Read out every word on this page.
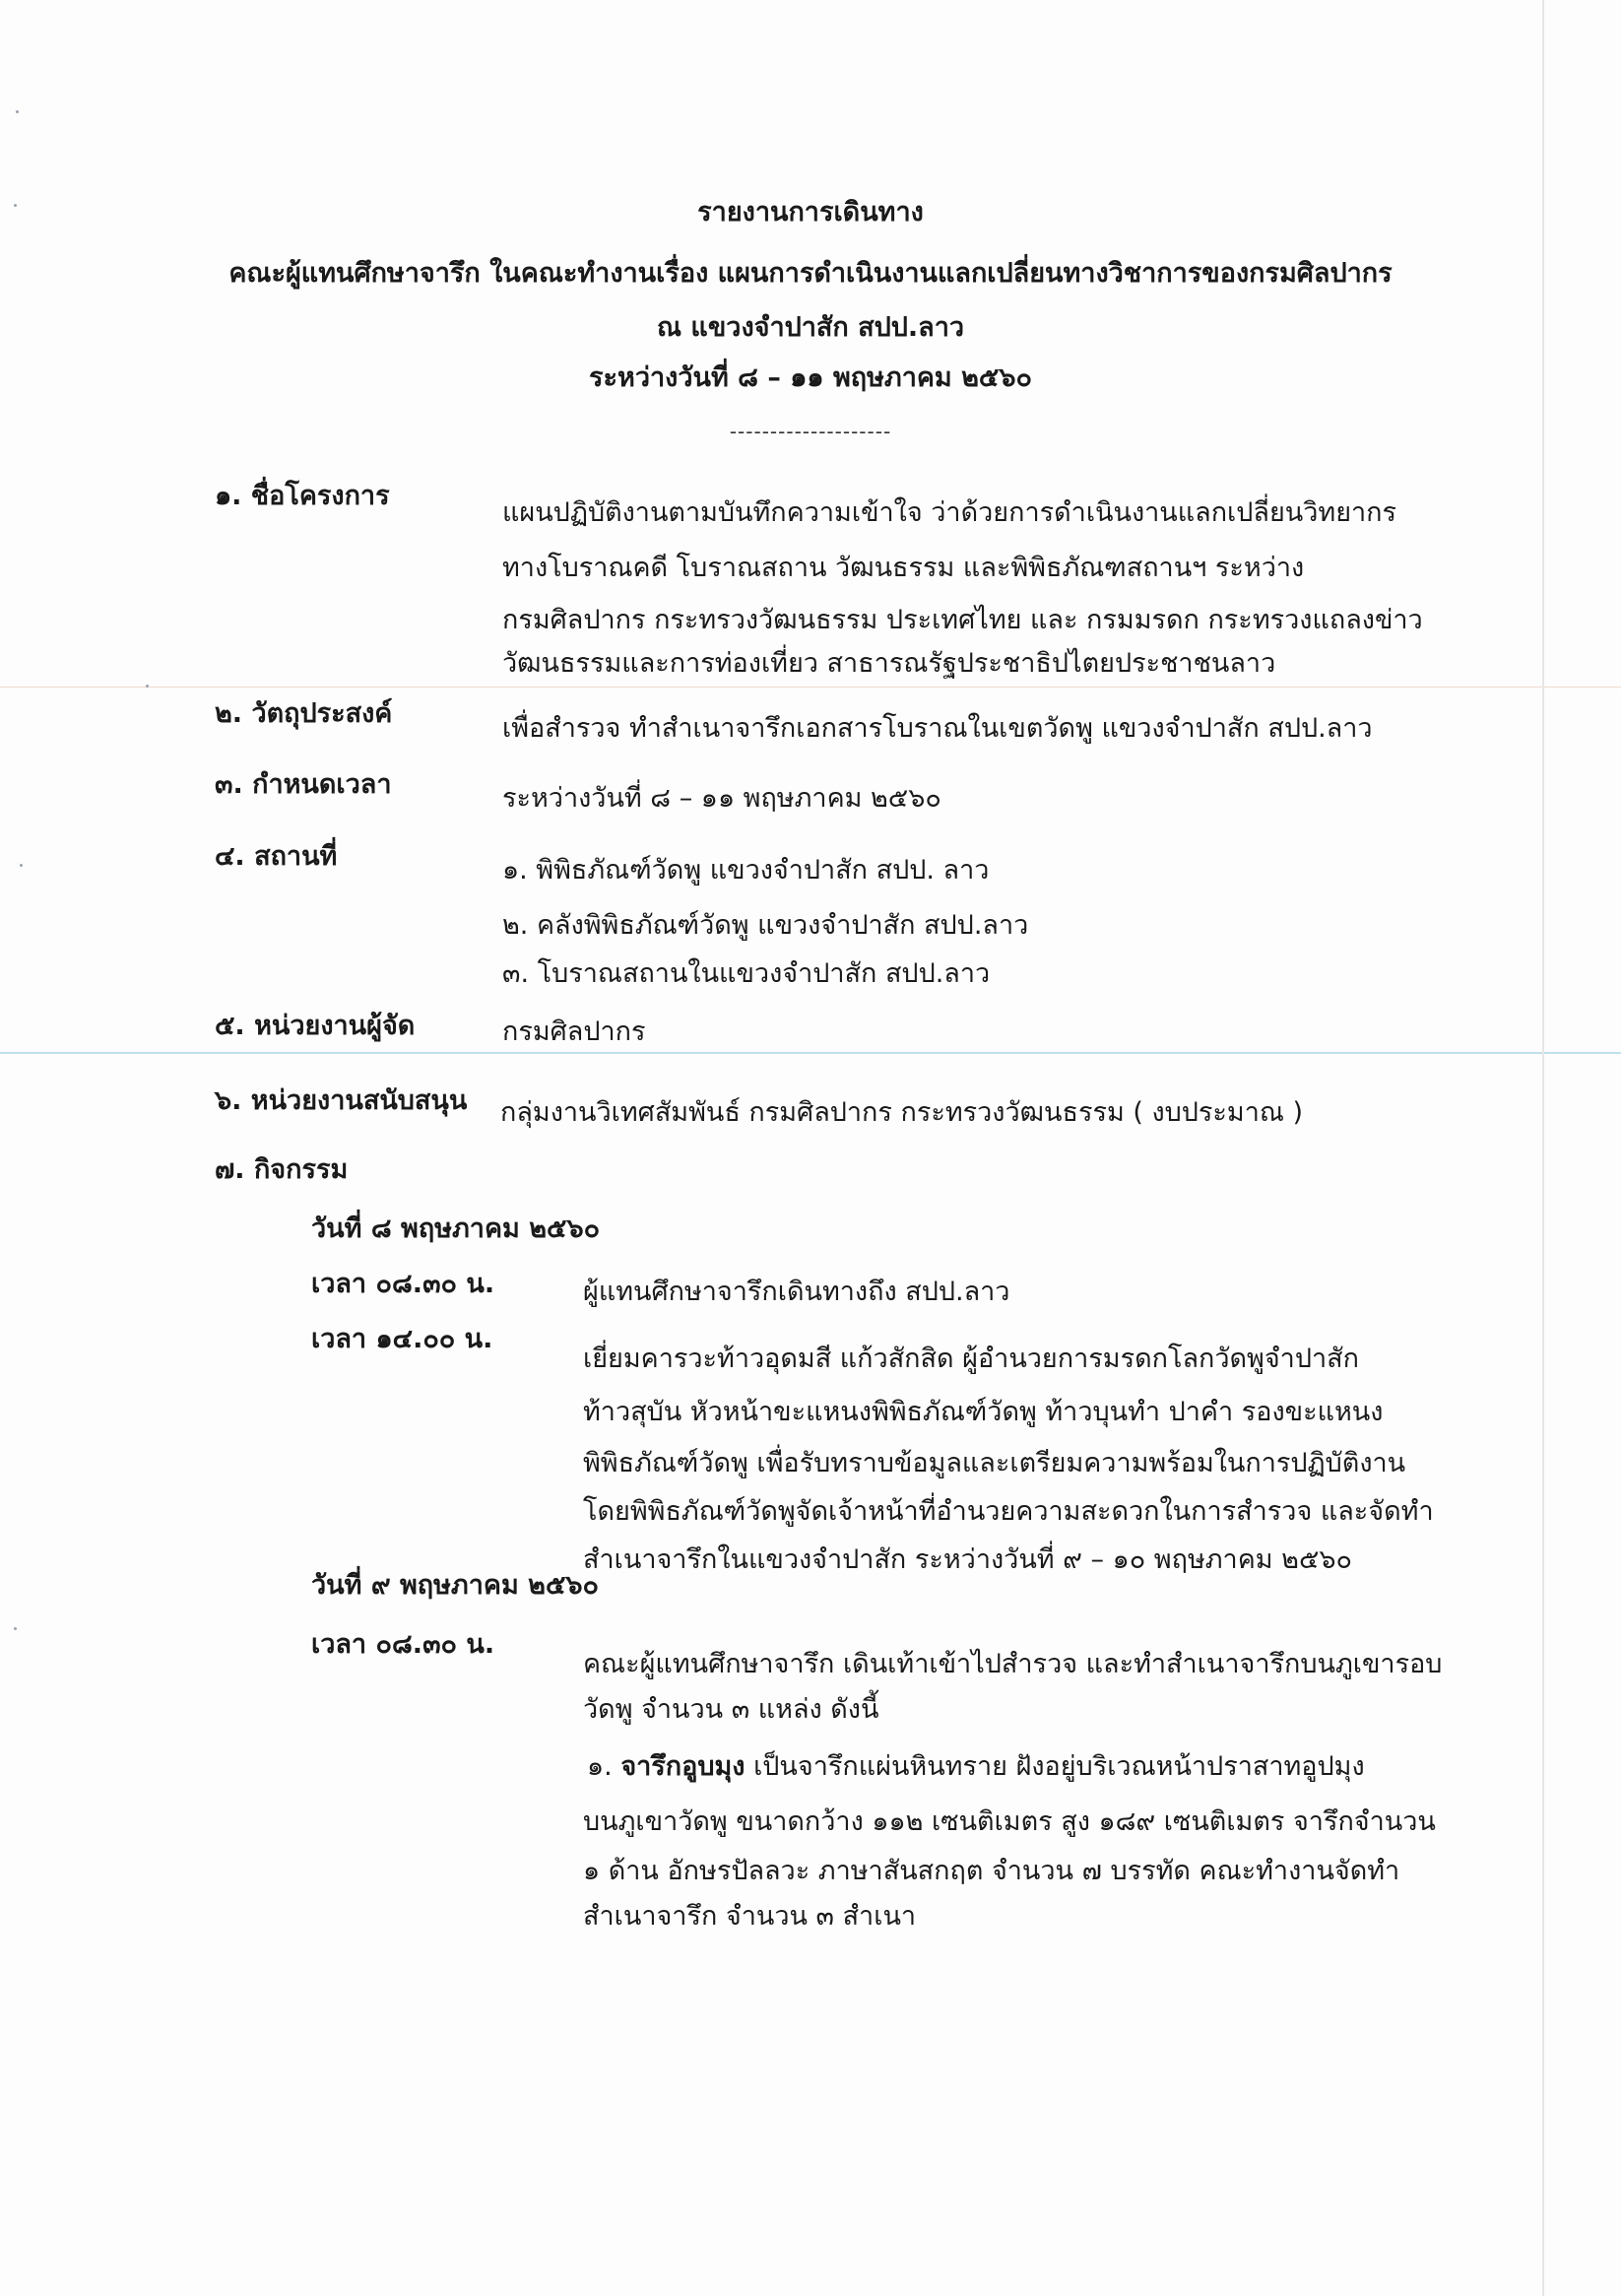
รายงานการเดินทาง
คณะผู้แทนศึกษาจารึก ในคณะทำงานเรื่อง แผนการดำเนินงานแลกเปลี่ยนทางวิชาการของกรมศิลปากร
ณ แขวงจำปาสัก สปป.ลาว
ระหว่างวันที่ ๘ – ๑๑ พฤษภาคม ๒๕๖๐
--------------------
๑. ชื่อโครงการ
แผนปฏิบัติงานตามบันทึกความเข้าใจ ว่าด้วยการดำเนินงานแลกเปลี่ยนวิทยากร
ทางโบราณคดี โบราณสถาน วัฒนธรรม และพิพิธภัณฑสถานฯ ระหว่าง
กรมศิลปากร กระทรวงวัฒนธรรม ประเทศไทย และ กรมมรดก กระทรวงแถลงข่าว
วัฒนธรรมและการท่องเที่ยว สาธารณรัฐประชาธิปไตยประชาชนลาว
๒. วัตถุประสงค์	เพื่อสำรวจ ทำสำเนาจารึกเอกสารโบราณในเขตวัดพู แขวงจำปาสัก สปป.ลาว
๓. กำหนดเวลา	ระหว่างวันที่ ๘ – ๑๑ พฤษภาคม ๒๕๖๐
๔. สถานที่	๑. พิพิธภัณฑ์วัดพู แขวงจำปาสัก สปป. ลาว
๒. คลังพิพิธภัณฑ์วัดพู แขวงจำปาสัก สปป.ลาว
๓. โบราณสถานในแขวงจำปาสัก สปป.ลาว
๕. หน่วยงานผู้จัด	กรมศิลปากร
๖. หน่วยงานสนับสนุน กลุ่มงานวิเทศสัมพันธ์ กรมศิลปากร กระทรวงวัฒนธรรม ( งบประมาณ )
๗. กิจกรรม
วันที่ ๘ พฤษภาคม ๒๕๖๐
เวลา ๐๘.๓๐ น.	ผู้แทนศึกษาจารึกเดินทางถึง สปป.ลาว
เวลา ๑๔.๐๐ น.
เยี่ยมคารวะท้าวอุดมสี แก้วสักสิด ผู้อำนวยการมรดกโลกวัดพูจำปาสัก
ท้าวสุบัน หัวหน้าขะแหนงพิพิธภัณฑ์วัดพู ท้าวบุนทำ ปาคำ รองขะแหนง
พิพิธภัณฑ์วัดพู เพื่อรับทราบข้อมูลและเตรียมความพร้อมในการปฏิบัติงาน
โดยพิพิธภัณฑ์วัดพูจัดเจ้าหน้าที่อำนวยความสะดวกในการสำรวจ และจัดทำ
สำเนาจารึกในแขวงจำปาสัก ระหว่างวันที่ ๙ – ๑๐ พฤษภาคม ๒๕๖๐
วันที่ ๙ พฤษภาคม ๒๕๖๐
เวลา ๐๘.๓๐ น.
คณะผู้แทนศึกษาจารึก เดินเท้าเข้าไปสำรวจ และทำสำเนาจารึกบนภูเขารอบ
วัดพู จำนวน ๓ แหล่ง ดังนี้
๑. จารึกอูบมุง เป็นจารึกแผ่นหินทราย ฝังอยู่บริเวณหน้าปราสาทอูปมุง
บนภูเขาวัดพู ขนาดกว้าง ๑๑๒ เซนติเมตร สูง ๑๘๙ เซนติเมตร จารึกจำนวน
๑ ด้าน อักษรปัลลวะ ภาษาสันสกฤต จำนวน ๗ บรรทัด คณะทำงานจัดทำ
สำเนาจารึก จำนวน ๓ สำเนา
